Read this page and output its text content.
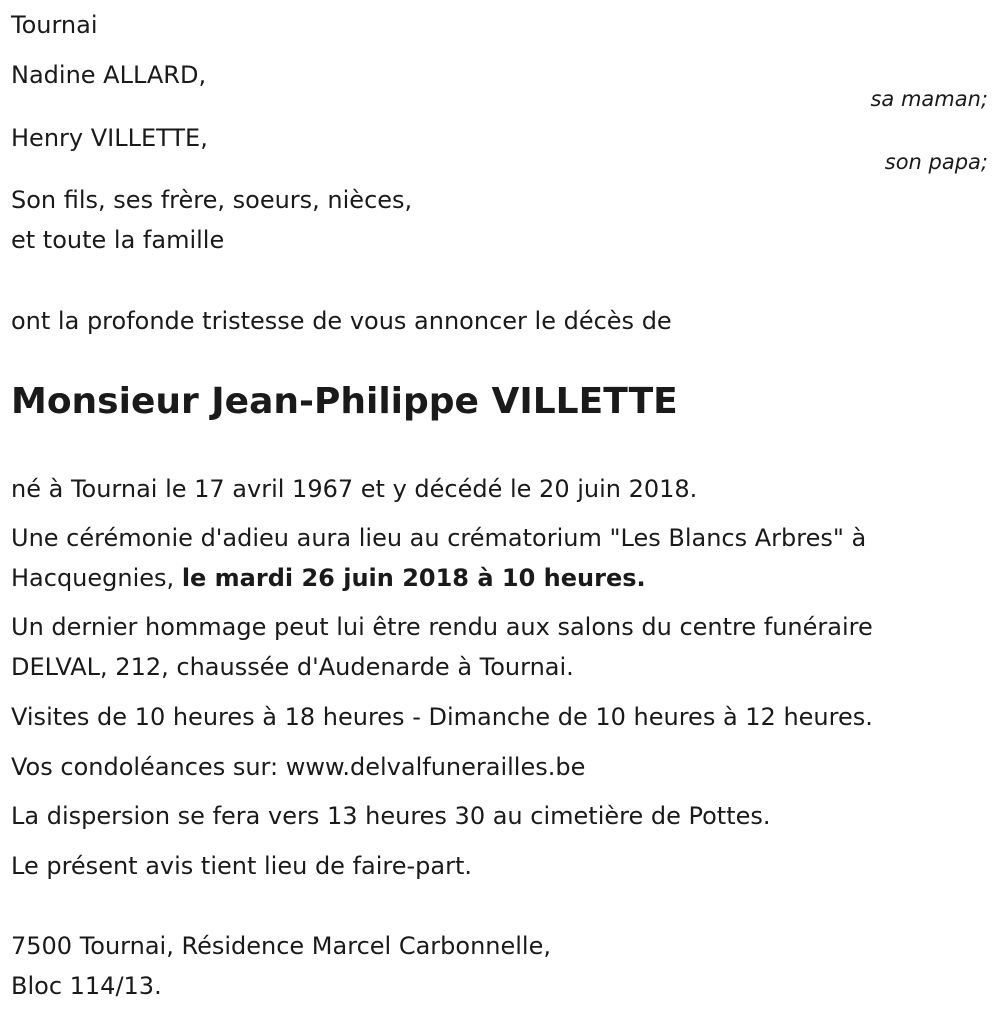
Tournai
Nadine ALLARD,
sa maman;
Henry VILLETTE,
son papa;
Son fils, ses frère, soeurs, nièces,
et toute la famille
ont la profonde tristesse de vous annoncer le décès de
Monsieur Jean-Philippe VILLETTE
né à Tournai le 17 avril 1967 et y décédé le 20 juin 2018.
Une cérémonie d'adieu aura lieu au crématorium "Les Blancs Arbres" à
Hacquegnies, le mardi 26 juin 2018 à 10 heures.
Un dernier hommage peut lui être rendu aux salons du centre funéraire
DELVAL, 212, chaussée d'Audenarde à Tournai.
Visites de 10 heures à 18 heures - Dimanche de 10 heures à 12 heures.
Vos condoléances sur: www.delvalfunerailles.be
La dispersion se fera vers 13 heures 30 au cimetière de Pottes.
Le présent avis tient lieu de faire-part.
7500 Tournai, Résidence Marcel Carbonnelle,
Bloc 114/13.
